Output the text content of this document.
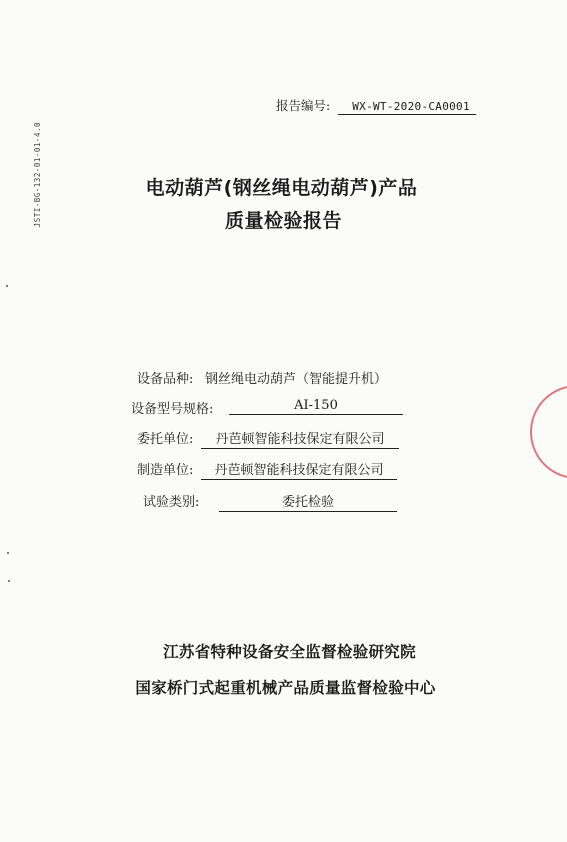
报告编号: WX-WT-2020-CA0001
JSTI-BG-132-01-01-4.0	电动葫芦(钢丝绳电动葫芦)产品
质量检验报告
设备品种: 钢丝绳电动葫芦（智能提升机）
设备型号规格:	AI-150
委托单位:	丹芭顿智能科技保定有限公司
制造单位:	丹芭顿智能科技保定有限公司
试验类别:	委托检验
江苏省特种设备安全监督检验研究院
国家桥门式起重机械产品质量监督检验中心
